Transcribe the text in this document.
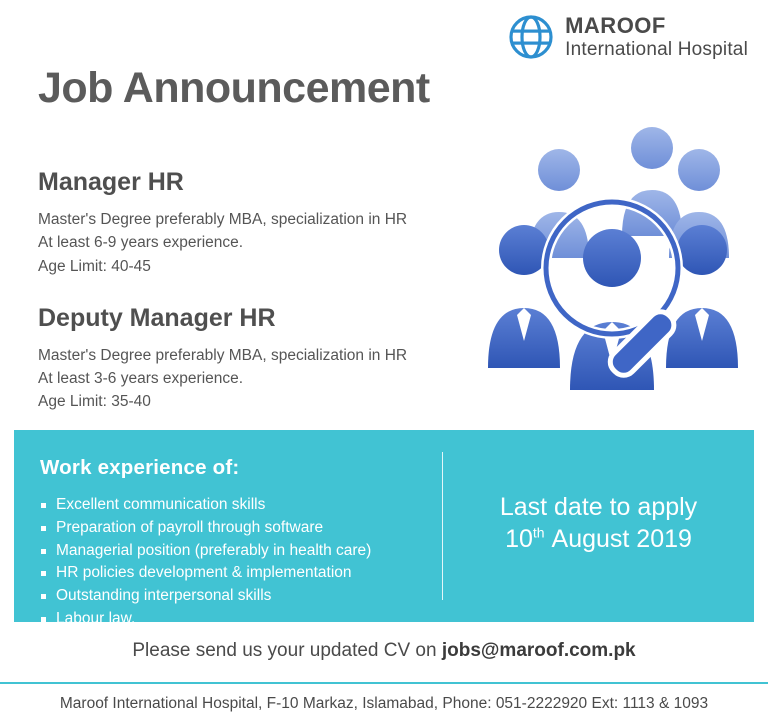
MAROOF
International Hospital
Job Announcement
Manager HR
Master's Degree preferably MBA, specialization in HR
At least 6-9 years experience.
Age Limit: 40-45
Deputy Manager HR
Master's Degree preferably MBA, specialization in HR
At least 3-6 years experience.
Age Limit: 35-40
Work experience of:
Excellent communication skills
Preparation of payroll through software
Managerial position (preferably in health care)
HR policies development & implementation
Outstanding interpersonal skills
Labour law.
Last date to apply
10th August 2019
Please send us your updated CV on jobs@maroof.com.pk
Maroof International Hospital, F-10 Markaz, Islamabad, Phone: 051-2222920 Ext: 1113 & 1093
